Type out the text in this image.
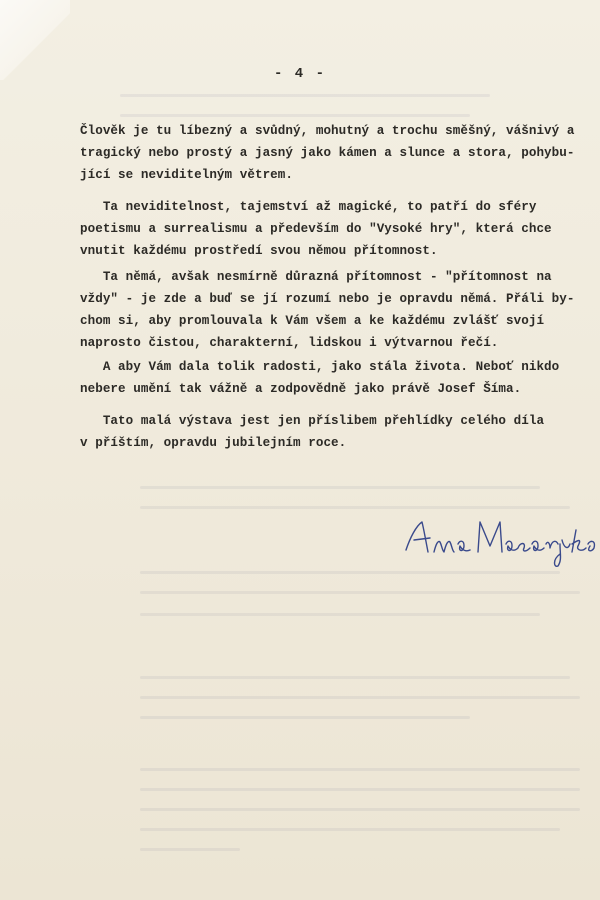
- 4 -
Člověk je tu líbezný a svůdný, mohutný a trochu směšný, vášnivý a
tragický nebo prostý a jasný jako kámen a slunce a stora, pohybu-
jící se neviditelným větrem.
Ta neviditelnost, tajemství až magické, to patří do sféry
poetismu a surrealismu a především do "Vysoké hry", která chce
vnutit každému prostředí svou němou přítomnost.
Ta němá, avšak nesmírně důrazná přítomnost - "přítomnost na
vždy" - je zde a buď se jí rozumí nebo je opravdu němá. Přáli by-
chom si, aby promlouvala k Vám všem a ke každému zvlášť svojí
naprosto čistou, charakterní, lidskou i výtvarnou řečí.
A aby Vám dala tolik radosti, jako stála života. Neboť nikdo
nebere umění tak vážně a zodpovědně jako právě Josef Šíma.
Tato malá výstava jest jen příslibem přehlídky celého díla
v příštím, opravdu jubilejním roce.
